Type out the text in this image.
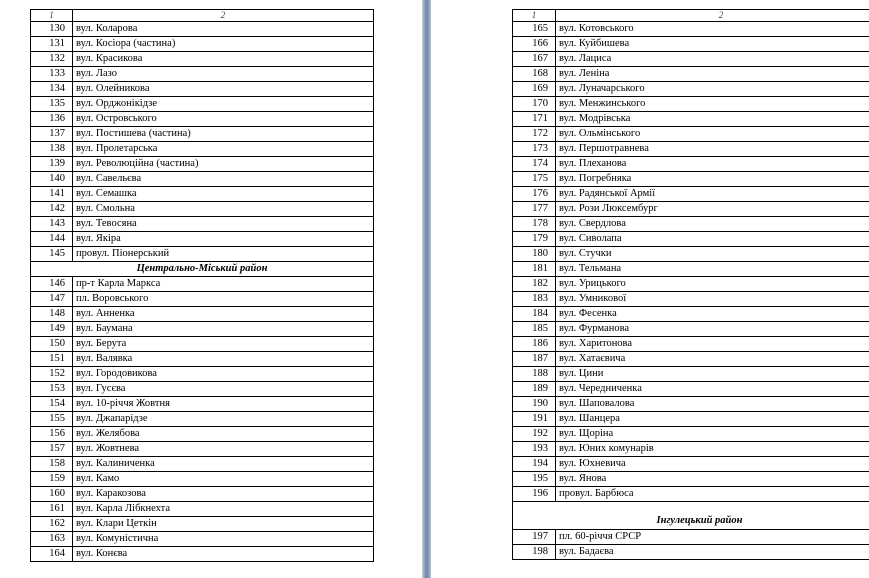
1	2
130	вул. Коларова
131	вул. Косіора (частина)
132	вул. Красикова
133	вул. Лазо
134	вул. Олейникова
135	вул. Орджонікідзе
136	вул. Островського
137	вул. Постишева (частина)
138	вул. Пролетарська
139	вул. Революційна (частина)
140	вул. Савельєва
141	вул. Семашка
142	вул. Смольна
143	вул. Тевосяна
144	вул. Якіра
145	провул. Піонерський
Центрально-Міський район	
146	пр-т Карла Маркса
147	пл. Воровського
148	вул. Анненка
149	вул. Баумана
150	вул. Берута
151	вул. Валявка
152	вул. Городовикова
153	вул. Гусєва
154	вул. 10-річчя Жовтня
155	вул. Джапарідзе
156	вул. Желябова
157	вул. Жовтнева
158	вул. Калиниченка
159	вул. Камо
160	вул. Каракозова
161	вул. Карла Лібкнехта
162	вул. Клари Цеткін
163	вул. Комуністична
164	вул. Конєва
1	2
165	вул. Котовського
166	вул. Куйбишева
167	вул. Лациса
168	вул. Леніна
169	вул. Луначарського
170	вул. Менжинського
171	вул. Модрівська
172	вул. Ольмінського
173	вул. Першотравнева
174	вул. Плеханова
175	вул. Погребняка
176	вул. Радянської Армії
177	вул. Рози Люксембург
178	вул. Свердлова
179	вул. Сиволапа
180	вул. Стучки
181	вул. Тельмана
182	вул. Урицького
183	вул. Умникової
184	вул. Фесенка
185	вул. Фурманова
186	вул. Харитонова
187	вул. Хатаєвича
188	вул. Цини
189	вул. Чередниченка
190	вул. Шаповалова
191	вул. Шанцера
192	вул. Щоріна
193	вул. Юних комунарів
194	вул. Юхневича
195	вул. Янова
196	провул. Барбюса
Інгулецький район	
197	пл. 60-річчя СРСР
198	вул. Бадаєва
